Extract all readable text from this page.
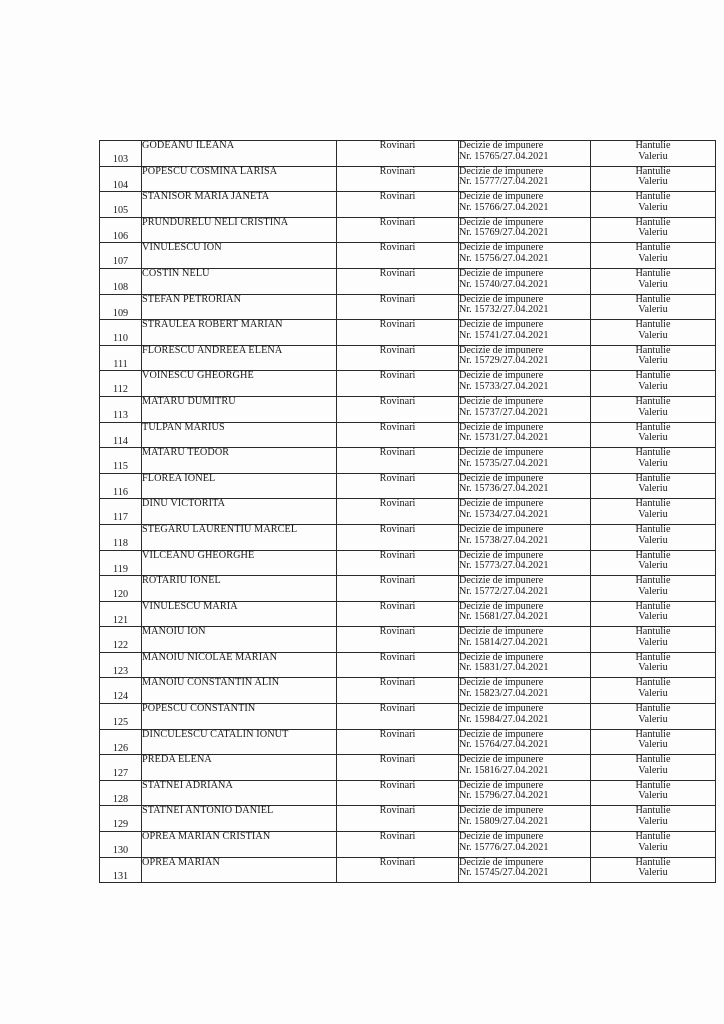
103	GODEANU ILEANA	Rovinari	Decizie de impunere
Nr. 15765/27.04.2021	Hantulie
Valeriu

104	POPESCU COSMINA LARISA	Rovinari	Decizie de impunere
Nr. 15777/27.04.2021	Hantulie
Valeriu

105	STANISOR MARIA JANETA	Rovinari	Decizie de impunere
Nr. 15766/27.04.2021	Hantulie
Valeriu

106	PRUNDURELU NELI CRISTINA	Rovinari	Decizie de impunere
Nr. 15769/27.04.2021	Hantulie
Valeriu

107	VINULESCU ION	Rovinari	Decizie de impunere
Nr. 15756/27.04.2021	Hantulie
Valeriu

108	COSTIN NELU	Rovinari	Decizie de impunere
Nr. 15740/27.04.2021	Hantulie
Valeriu

109	STEFAN PETRORIAN	Rovinari	Decizie de impunere
Nr. 15732/27.04.2021	Hantulie
Valeriu

110	STRAULEA ROBERT MARIAN	Rovinari	Decizie de impunere
Nr. 15741/27.04.2021	Hantulie
Valeriu

111	FLORESCU ANDREEA ELENA	Rovinari	Decizie de impunere
Nr. 15729/27.04.2021	Hantulie
Valeriu

112	VOINESCU GHEORGHE	Rovinari	Decizie de impunere
Nr. 15733/27.04.2021	Hantulie
Valeriu

113	MATARU DUMITRU	Rovinari	Decizie de impunere
Nr. 15737/27.04.2021	Hantulie
Valeriu

114	TULPAN MARIUS	Rovinari	Decizie de impunere
Nr. 15731/27.04.2021	Hantulie
Valeriu

115	MATARU TEODOR	Rovinari	Decizie de impunere
Nr. 15735/27.04.2021	Hantulie
Valeriu

116	FLOREA IONEL	Rovinari	Decizie de impunere
Nr. 15736/27.04.2021	Hantulie
Valeriu

117	DINU VICTORITA	Rovinari	Decizie de impunere
Nr. 15734/27.04.2021	Hantulie
Valeriu

118	STEGARU LAURENTIU MARCEL	Rovinari	Decizie de impunere
Nr. 15738/27.04.2021	Hantulie
Valeriu

119	VILCEANU GHEORGHE	Rovinari	Decizie de impunere
Nr. 15773/27.04.2021	Hantulie
Valeriu

120	ROTARIU IONEL	Rovinari	Decizie de impunere
Nr. 15772/27.04.2021	Hantulie
Valeriu

121	VINULESCU MARIA	Rovinari	Decizie de impunere
Nr. 15681/27.04.2021	Hantulie
Valeriu

122	MANOIU ION	Rovinari	Decizie de impunere
Nr. 15814/27.04.2021	Hantulie
Valeriu

123	MANOIU NICOLAE MARIAN	Rovinari	Decizie de impunere
Nr. 15831/27.04.2021	Hantulie
Valeriu

124	MANOIU CONSTANTIN ALIN	Rovinari	Decizie de impunere
Nr. 15823/27.04.2021	Hantulie
Valeriu

125	POPESCU CONSTANTIN	Rovinari	Decizie de impunere
Nr. 15984/27.04.2021	Hantulie
Valeriu

126	DINCULESCU CATALIN IONUT	Rovinari	Decizie de impunere
Nr. 15764/27.04.2021	Hantulie
Valeriu

127	PREDA ELENA	Rovinari	Decizie de impunere
Nr. 15816/27.04.2021	Hantulie
Valeriu

128	STATNEI ADRIANA	Rovinari	Decizie de impunere
Nr. 15796/27.04.2021	Hantulie
Valeriu

129	STATNEI ANTONIO DANIEL	Rovinari	Decizie de impunere
Nr. 15809/27.04.2021	Hantulie
Valeriu

130	OPREA MARIAN CRISTIAN	Rovinari	Decizie de impunere
Nr. 15776/27.04.2021	Hantulie
Valeriu

131	OPREA MARIAN	Rovinari	Decizie de impunere
Nr. 15745/27.04.2021	Hantulie
Valeriu
